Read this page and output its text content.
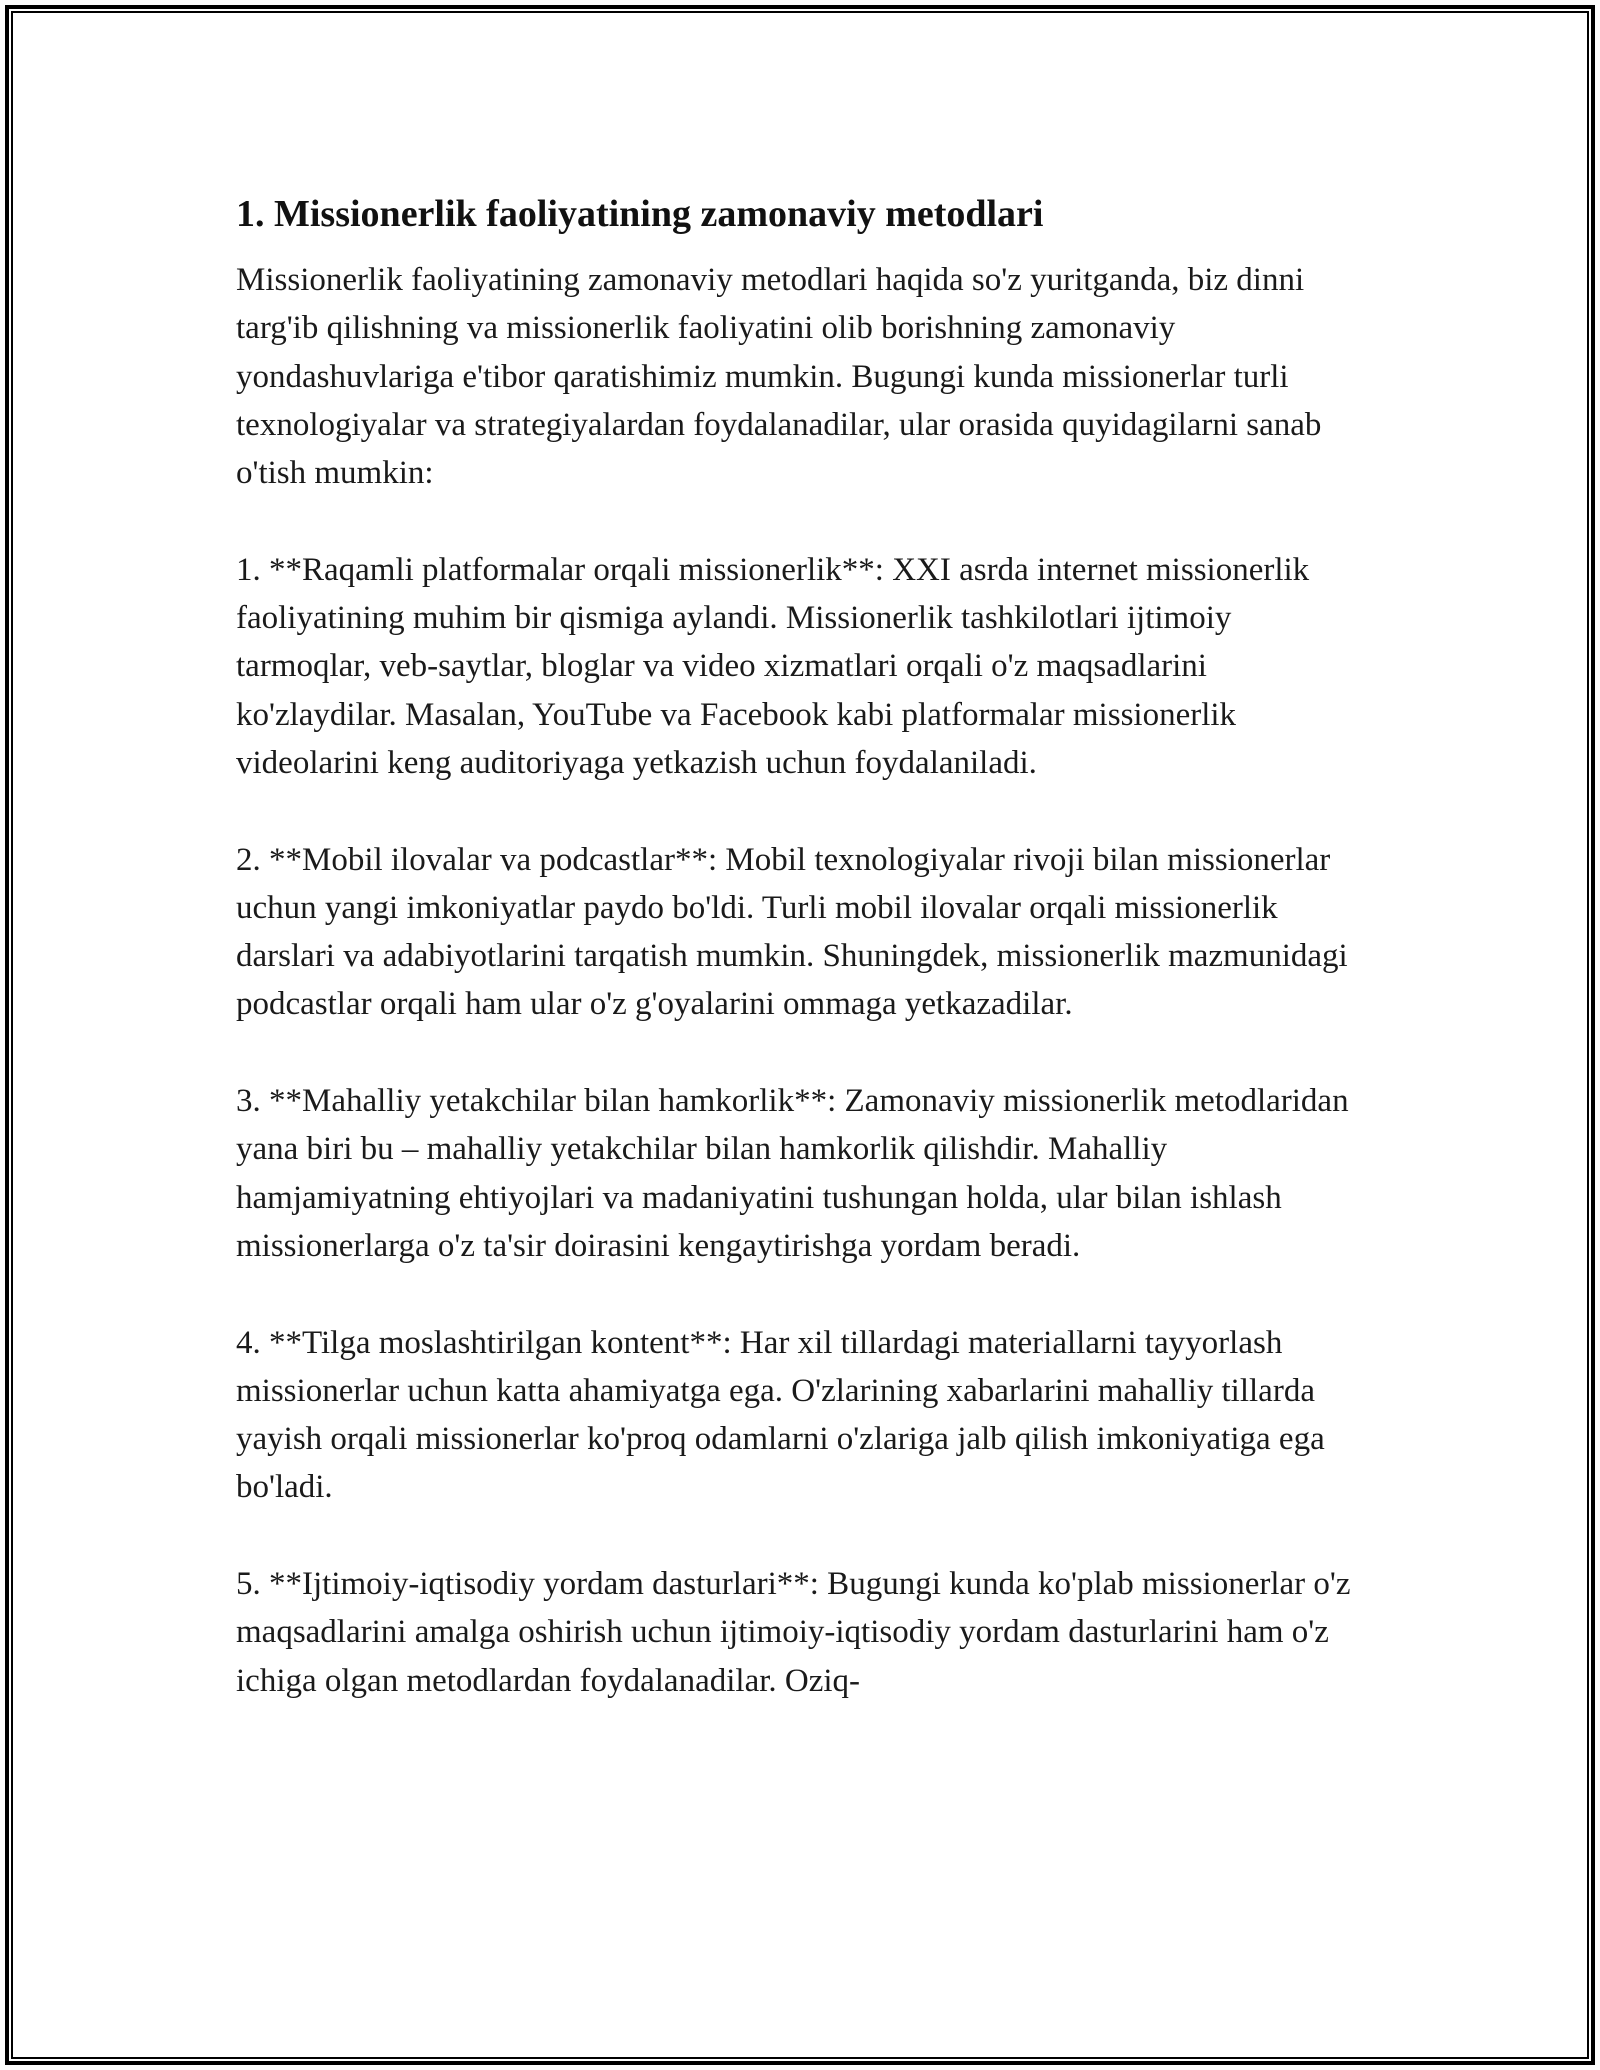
1. Missionerlik faoliyatining zamonaviy metodlari

Missionerlik faoliyatining zamonaviy metodlari haqida so'z yuritganda, biz dinni targ'ib qilishning va missionerlik faoliyatini olib borishning zamonaviy yondashuvlariga e'tibor qaratishimiz mumkin. Bugungi kunda missionerlar turli texnologiyalar va strategiyalardan foydalanadilar, ular orasida quyidagilarni sanab o'tish mumkin:

1. **Raqamli platformalar orqali missionerlik**: XXI asrda internet missionerlik faoliyatining muhim bir qismiga aylandi. Missionerlik tashkilotlari ijtimoiy tarmoqlar, veb-saytlar, bloglar va video xizmatlari orqali o'z maqsadlarini ko'zlaydilar. Masalan, YouTube va Facebook kabi platformalar missionerlik videolarini keng auditoriyaga yetkazish uchun foydalaniladi.

2. **Mobil ilovalar va podcastlar**: Mobil texnologiyalar rivoji bilan missionerlar uchun yangi imkoniyatlar paydo bo'ldi. Turli mobil ilovalar orqali missionerlik darslari va adabiyotlarini tarqatish mumkin. Shuningdek, missionerlik mazmunidagi podcastlar orqali ham ular o'z g'oyalarini ommaga yetkazadilar.

3. **Mahalliy yetakchilar bilan hamkorlik**: Zamonaviy missionerlik metodlaridan yana biri bu – mahalliy yetakchilar bilan hamkorlik qilishdir. Mahalliy hamjamiyatning ehtiyojlari va madaniyatini tushungan holda, ular bilan ishlash missionerlarga o'z ta'sir doirasini kengaytirishga yordam beradi.

4. **Tilga moslashtirilgan kontent**: Har xil tillardagi materiallarni tayyorlash missionerlar uchun katta ahamiyatga ega. O'zlarining xabarlarini mahalliy tillarda yayish orqali missionerlar ko'proq odamlarni o'zlariga jalb qilish imkoniyatiga ega bo'ladi.

5. **Ijtimoiy-iqtisodiy yordam dasturlari**: Bugungi kunda ko'plab missionerlar o'z maqsadlarini amalga oshirish uchun ijtimoiy-iqtisodiy yordam dasturlarini ham o'z ichiga olgan metodlardan foydalanadilar. Oziq-
